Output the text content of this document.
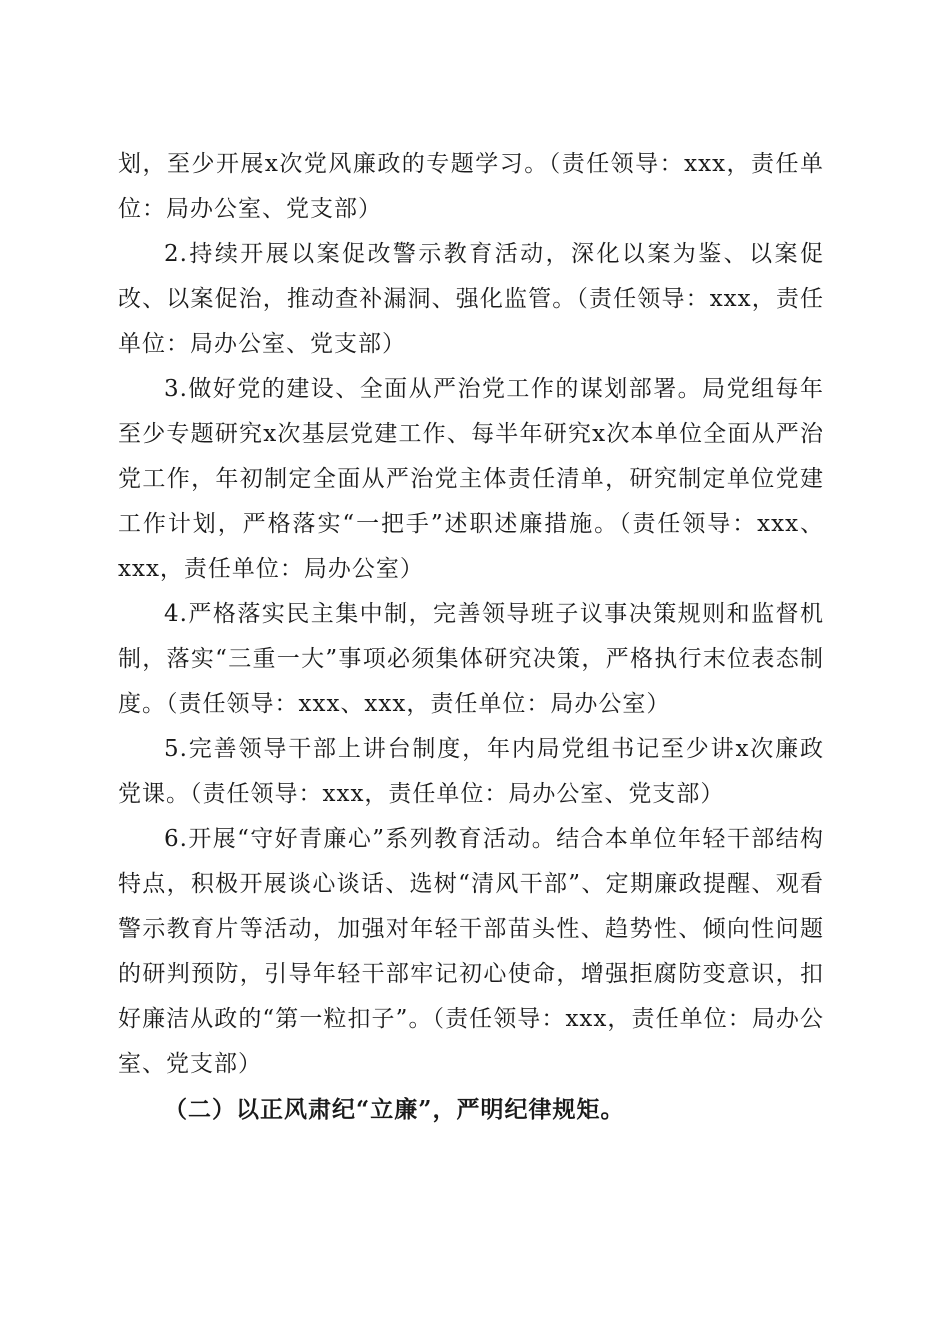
划，至少开展x次党风廉政的专题学习。（责任领导：xxx，责任单位：局办公室、党支部）

2.持续开展以案促改警示教育活动，深化以案为鉴、以案促改、以案促治，推动查补漏洞、强化监管。（责任领导：xxx，责任单位：局办公室、党支部）

3.做好党的建设、全面从严治党工作的谋划部署。局党组每年至少专题研究x次基层党建工作、每半年研究x次本单位全面从严治党工作，年初制定全面从严治党主体责任清单，研究制定单位党建工作计划，严格落实“一把手”述职述廉措施。（责任领导：xxx、xxx，责任单位：局办公室）

4.严格落实民主集中制，完善领导班子议事决策规则和监督机制，落实“三重一大”事项必须集体研究决策，严格执行末位表态制度。（责任领导：xxx、xxx，责任单位：局办公室）

5.完善领导干部上讲台制度，年内局党组书记至少讲x次廉政党课。（责任领导：xxx，责任单位：局办公室、党支部）

6.开展“守好青廉心”系列教育活动。结合本单位年轻干部结构特点，积极开展谈心谈话、选树“清风干部”、定期廉政提醒、观看警示教育片等活动，加强对年轻干部苗头性、趋势性、倾向性问题的研判预防，引导年轻干部牢记初心使命，增强拒腐防变意识，扣好廉洁从政的“第一粒扣子”。（责任领导：xxx，责任单位：局办公室、党支部）

（二）以正风肃纪“立廉”，严明纪律规矩。
